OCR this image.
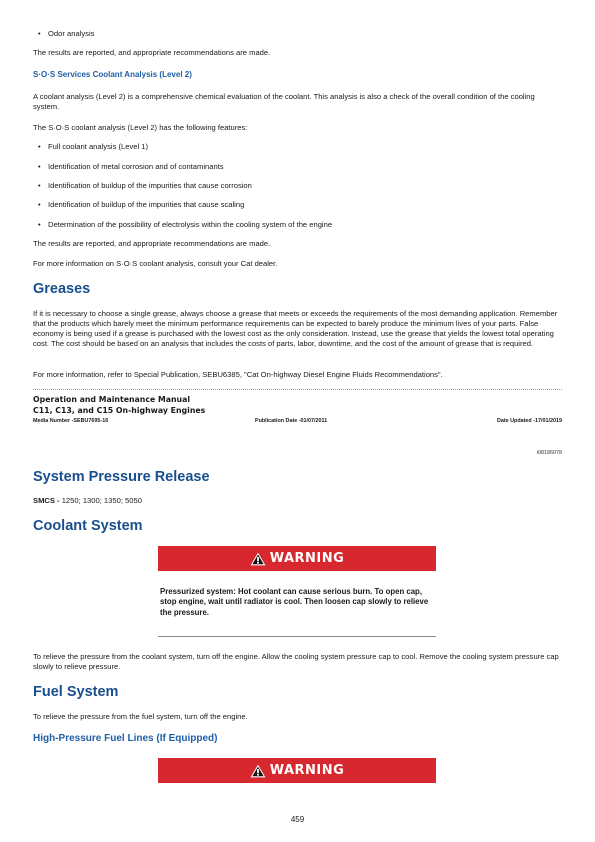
• Odor analysis
The results are reported, and appropriate recommendations are made.
S·O·S Services Coolant Analysis (Level 2)
A coolant analysis (Level 2) is a comprehensive chemical evaluation of the coolant. This analysis is also a check of the overall condition of the cooling system.
The S·O·S coolant analysis (Level 2) has the following features:
• Full coolant analysis (Level 1)
• Identification of metal corrosion and of contaminants
• Identification of buildup of the impurities that cause corrosion
• Identification of buildup of the impurities that cause scaling
• Determination of the possibility of electrolysis within the cooling system of the engine
The results are reported, and appropriate recommendations are made.
For more information on S·O·S coolant analysis, consult your Cat dealer.
Greases
If it is necessary to choose a single grease, always choose a grease that meets or exceeds the requirements of the most demanding application. Remember that the products which barely meet the minimum performance requirements can be expected to barely produce the minimum lives of your parts. False economy is being used if a grease is purchased with the lowest cost as the only consideration. Instead, use the grease that yields the lowest total operating cost. The cost should be based on an analysis that includes the costs of parts, labor, downtime, and the cost of the amount of grease that is required.
For more information, refer to Special Publication, SEBU6385, "Cat On-highway Diesel Engine Fluids Recommendations".
Operation and Maintenance Manual
C11, C13, and C15 On-highway Engines
Media Number -SEBU7695-16	Publication Date -01/07/2011	Date Updated -17/01/2019
i08186078
System Pressure Release
SMCS - 1250; 1300; 1350; 5050
Coolant System
WARNING
Pressurized system: Hot coolant can cause serious burn. To open cap, stop engine, wait until radiator is cool. Then loosen cap slowly to relieve the pressure.
To relieve the pressure from the coolant system, turn off the engine. Allow the cooling system pressure cap to cool. Remove the cooling system pressure cap slowly to relieve pressure.
Fuel System
To relieve the pressure from the fuel system, turn off the engine.
High-Pressure Fuel Lines (If Equipped)
WARNING
459
